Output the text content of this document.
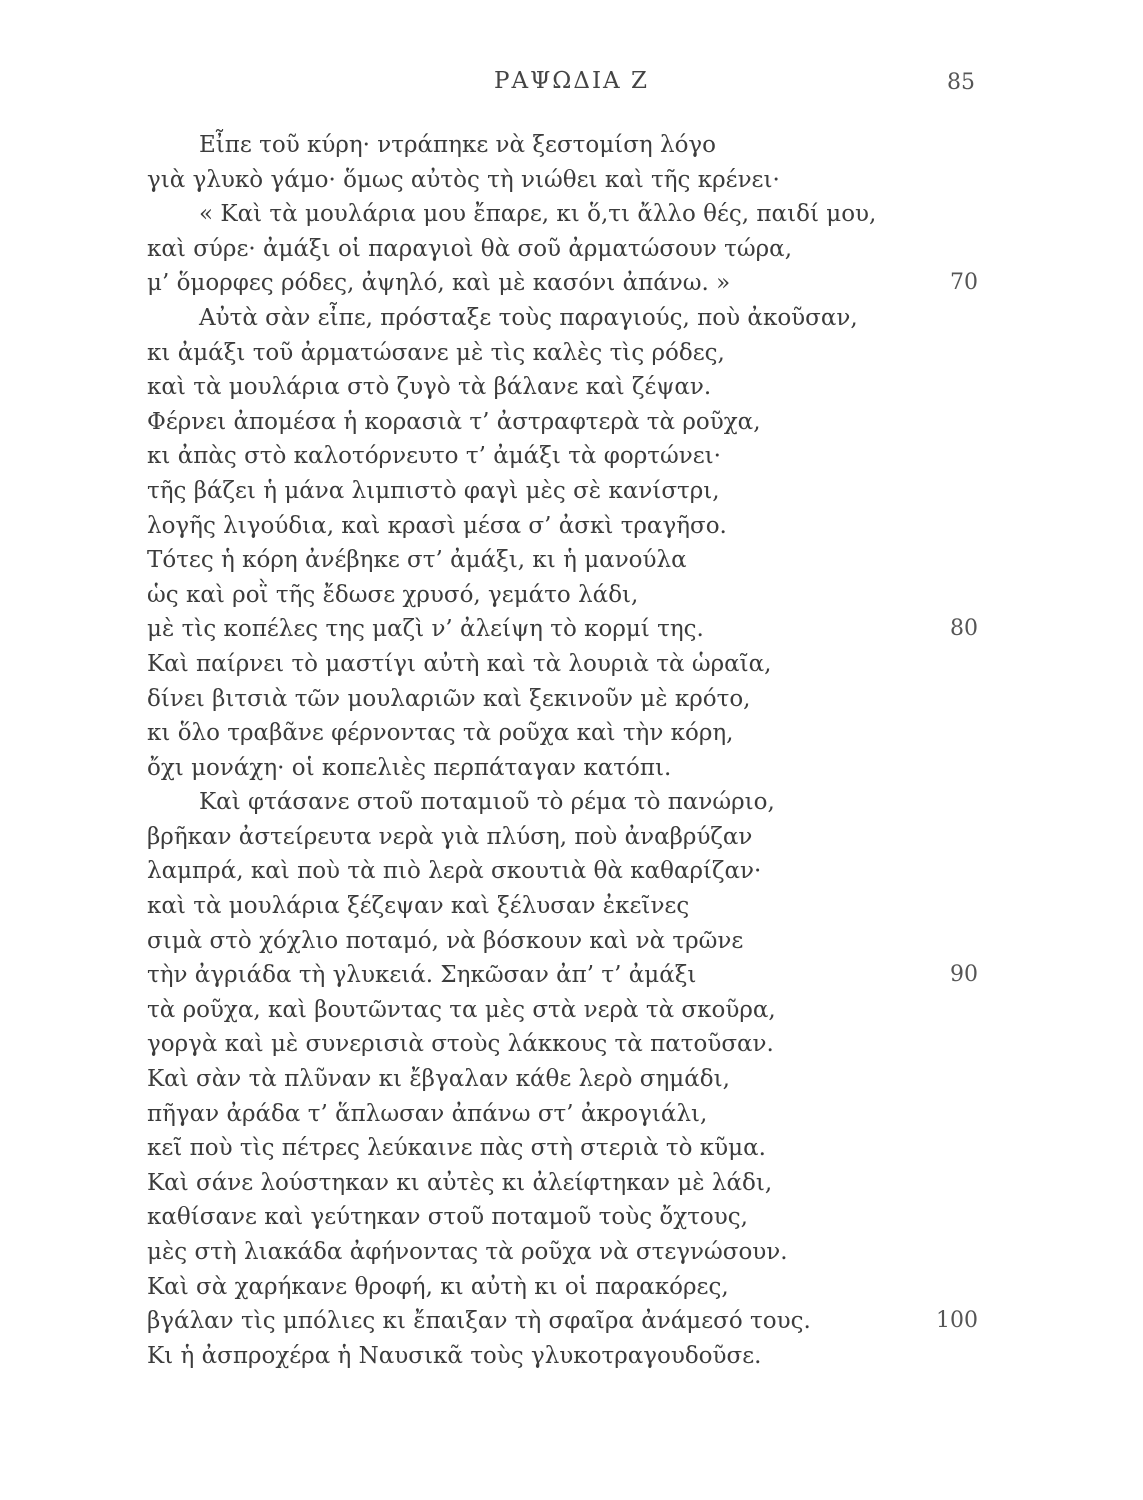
ΡΑΨΩΔΙΑ Ζ	85
Εἶπε τοῦ κύρη· ντράπηκε νὰ ξεστομίση λόγο
γιὰ γλυκὸ γάμο· ὅμως αὐτὸς τὴ νιώθει καὶ τῆς κρένει·
« Καὶ τὰ μουλάρια μου ἔπαρε, κι ὅ,τι ἄλλο θές, παιδί μου,
καὶ σύρε· ἀμάξι οἱ παραγιοὶ θὰ σοῦ ἀρματώσουν τώρα,
μ’ ὅμορφες ρόδες, ἀψηλό, καὶ μὲ κασόνι ἀπάνω. »	70
Αὐτὰ σὰν εἶπε, πρόσταξε τοὺς παραγιούς, ποὺ ἀκοῦσαν,
κι ἀμάξι τοῦ ἀρματώσανε μὲ τὶς καλὲς τὶς ρόδες,
καὶ τὰ μουλάρια στὸ ζυγὸ τὰ βάλανε καὶ ζέψαν.
Φέρνει ἀπομέσα ἡ κορασιὰ τ’ ἀστραφτερὰ τὰ ροῦχα,
κι ἀπὰς στὸ καλοτόρνευτο τ’ ἀμάξι τὰ φορτώνει·
τῆς βάζει ἡ μάνα λιμπιστὸ φαγὶ μὲς σὲ κανίστρι,
λογῆς λιγούδια, καὶ κρασὶ μέσα σ’ ἀσκὶ τραγῆσο.
Τότες ἡ κόρη ἀνέβηκε στ’ ἀμάξι, κι ἡ μανούλα
ὡς καὶ ροῒ τῆς ἔδωσε χρυσό, γεμάτο λάδι,
μὲ τὶς κοπέλες της μαζὶ ν’ ἀλείψη τὸ κορμί της.	80
Καὶ παίρνει τὸ μαστίγι αὐτὴ καὶ τὰ λουριὰ τὰ ὡραῖα,
δίνει βιτσιὰ τῶν μουλαριῶν καὶ ξεκινοῦν μὲ κρότο,
κι ὅλο τραβᾶνε φέρνοντας τὰ ροῦχα καὶ τὴν κόρη,
ὄχι μονάχη· οἱ κοπελιὲς περπάταγαν κατόπι.
Καὶ φτάσανε στοῦ ποταμιοῦ τὸ ρέμα τὸ πανώριο,
βρῆκαν ἀστείρευτα νερὰ γιὰ πλύση, ποὺ ἀναβρύζαν
λαμπρά, καὶ ποὺ τὰ πιὸ λερὰ σκουτιὰ θὰ καθαρίζαν·
καὶ τὰ μουλάρια ξέζεψαν καὶ ξέλυσαν ἐκεῖνες
σιμὰ στὸ χόχλιο ποταμό, νὰ βόσκουν καὶ νὰ τρῶνε
τὴν ἀγριάδα τὴ γλυκειά. Σηκῶσαν ἀπ’ τ’ ἀμάξι	90
τὰ ροῦχα, καὶ βουτῶντας τα μὲς στὰ νερὰ τὰ σκοῦρα,
γοργὰ καὶ μὲ συνερισιὰ στοὺς λάκκους τὰ πατοῦσαν.
Καὶ σὰν τὰ πλῦναν κι ἔβγαλαν κάθε λερὸ σημάδι,
πῆγαν ἀράδα τ’ ἅπλωσαν ἀπάνω στ’ ἀκρογιάλι,
κεῖ ποὺ τὶς πέτρες λεύκαινε πὰς στὴ στεριὰ τὸ κῦμα.
Καὶ σάνε λούστηκαν κι αὐτὲς κι ἀλείφτηκαν μὲ λάδι,
καθίσανε καὶ γεύτηκαν στοῦ ποταμοῦ τοὺς ὄχτους,
μὲς στὴ λιακάδα ἀφήνοντας τὰ ροῦχα νὰ στεγνώσουν.
Καὶ σὰ χαρήκανε θροφή, κι αὐτὴ κι οἱ παρακόρες,
βγάλαν τὶς μπόλιες κι ἔπαιξαν τὴ σφαῖρα ἀνάμεσό τους.	100
Κι ἡ ἀσπροχέρα ἡ Ναυσικᾶ τοὺς γλυκοτραγουδοῦσε.
